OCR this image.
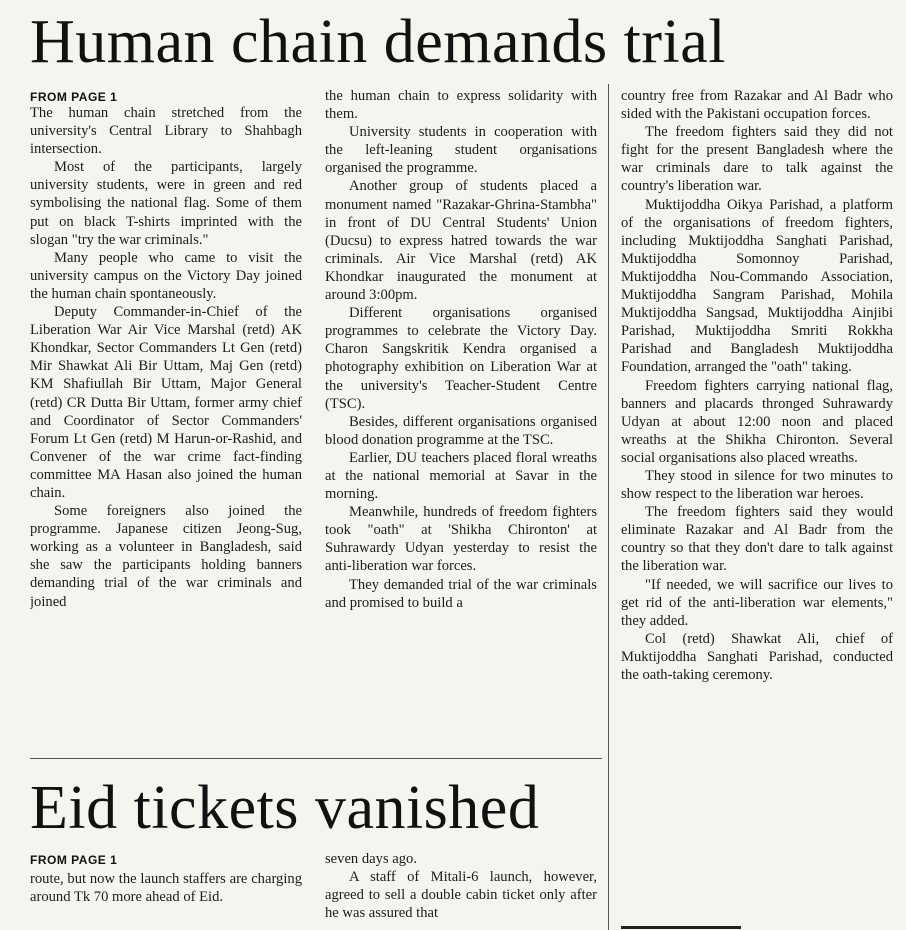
Human chain demands trial
FROM PAGE 1

The human chain stretched from the university's Central Library to Shahbagh intersection.

Most of the participants, largely university students, were in green and red symbolising the national flag. Some of them put on black T-shirts imprinted with the slogan "try the war criminals."

Many people who came to visit the university campus on the Victory Day joined the human chain spontaneously.

Deputy Commander-in-Chief of the Liberation War Air Vice Marshal (retd) AK Khondkar, Sector Commanders Lt Gen (retd) Mir Shawkat Ali Bir Uttam, Maj Gen (retd) KM Shafiullah Bir Uttam, Major General (retd) CR Dutta Bir Uttam, former army chief and Coordinator of Sector Commanders' Forum Lt Gen (retd) M Harun-or-Rashid, and Convener of the war crime fact-finding committee MA Hasan also joined the human chain.

Some foreigners also joined the programme. Japanese citizen Jeong-Sug, working as a volunteer in Bangladesh, said she saw the participants holding banners demanding trial of the war criminals and joined

the human chain to express solidarity with them.

University students in cooperation with the left-leaning student organisations organised the programme.

Another group of students placed a monument named "Razakar-Ghrina-Stambha" in front of DU Central Students' Union (Ducsu) to express hatred towards the war criminals. Air Vice Marshal (retd) AK Khondkar inaugurated the monument at around 3:00pm.

Different organisations organised programmes to celebrate the Victory Day. Charon Sangskritik Kendra organised a photography exhibition on Liberation War at the university's Teacher-Student Centre (TSC).

Besides, different organisations organised blood donation programme at the TSC.

Earlier, DU teachers placed floral wreaths at the national memorial at Savar in the morning.

Meanwhile, hundreds of freedom fighters took "oath" at 'Shikha Chironton' at Suhrawardy Udyan yesterday to resist the anti-liberation war forces.

They demanded trial of the war criminals and promised to build a

country free from Razakar and Al Badr who sided with the Pakistani occupation forces.

The freedom fighters said they did not fight for the present Bangladesh where the war criminals dare to talk against the country's liberation war.

Muktijoddha Oikya Parishad, a platform of the organisations of freedom fighters, including Muktijoddha Sanghati Parishad, Muktijoddha Somonnoy Parishad, Muktijoddha Nou-Commando Association, Muktijoddha Sangram Parishad, Mohila Muktijoddha Sangsad, Muktijoddha Ainjibi Parishad, Muktijoddha Smriti Rokkha Parishad and Bangladesh Muktijoddha Foundation, arranged the "oath" taking.

Freedom fighters carrying national flag, banners and placards thronged Suhrawardy Udyan at about 12:00 noon and placed wreaths at the Shikha Chironton. Several social organisations also placed wreaths.

They stood in silence for two minutes to show respect to the liberation war heroes.

The freedom fighters said they would eliminate Razakar and Al Badr from the country so that they don't dare to talk against the liberation war.

"If needed, we will sacrifice our lives to get rid of the anti-liberation war elements," they added.

Col (retd) Shawkat Ali, chief of Muktijoddha Sanghati Parishad, conducted the oath-taking ceremony.

Eid tickets vanished
FROM PAGE 1

route, but now the launch staffers are charging around Tk 70 more ahead of Eid.

seven days ago.

A staff of Mitali-6 launch, however, agreed to sell a double cabin ticket only after he was assured that
